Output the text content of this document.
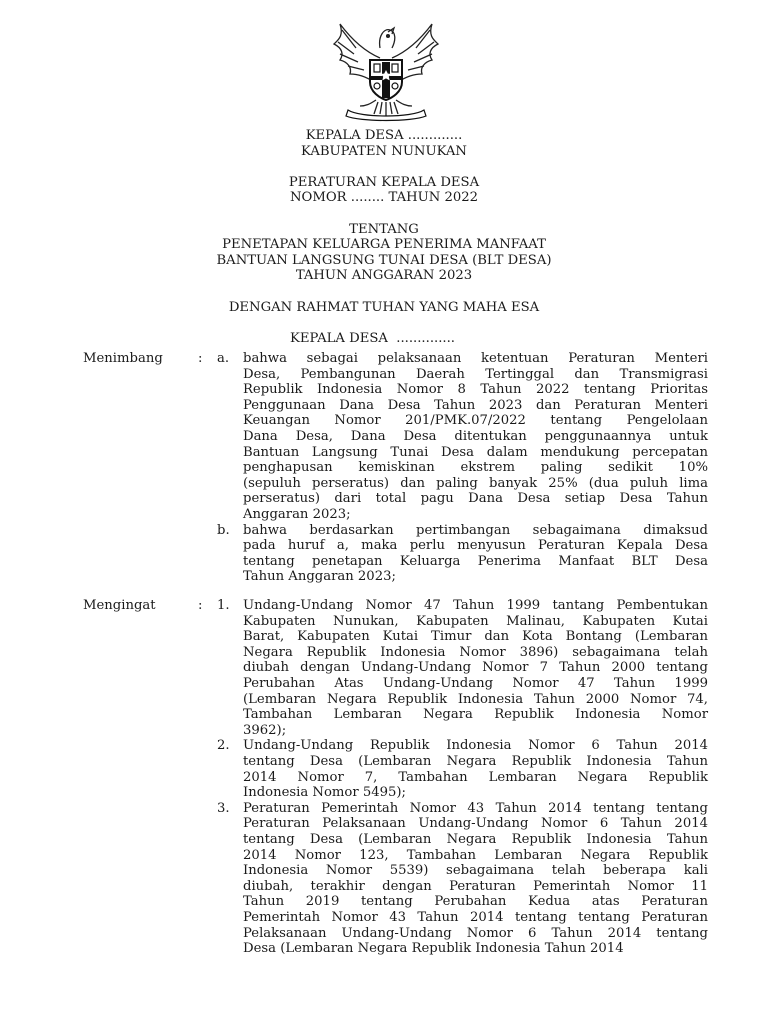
KEPALA DESA .............
KABUPATEN NUNUKAN
PERATURAN KEPALA DESA
NOMOR ........ TAHUN 2022
TENTANG
PENETAPAN KELUARGA PENERIMA MANFAAT
BANTUAN LANGSUNG TUNAI DESA (BLT DESA)
TAHUN ANGGARAN 2023
DENGAN RAHMAT TUHAN YANG MAHA ESA
KEPALA DESA  ..............
Menimbang	: a. bahwa sebagai pelaksanaan ketentuan Peraturan Menteri
Desa, Pembangunan Daerah Tertinggal dan Transmigrasi
Republik Indonesia Nomor 8 Tahun 2022 tentang Prioritas
Penggunaan Dana Desa Tahun 2023 dan Peraturan Menteri
Keuangan Nomor 201/PMK.07/2022 tentang Pengelolaan
Dana Desa, Dana Desa ditentukan penggunaannya untuk
Bantuan Langsung Tunai Desa dalam mendukung percepatan
penghapusan kemiskinan ekstrem paling sedikit 10%
(sepuluh perseratus) dan paling banyak 25% (dua puluh lima
perseratus) dari total pagu Dana Desa setiap Desa Tahun
Anggaran 2023;
b. bahwa berdasarkan pertimbangan sebagaimana dimaksud
pada huruf a, maka perlu menyusun Peraturan Kepala Desa
tentang penetapan Keluarga Penerima Manfaat BLT Desa
Tahun Anggaran 2023;
Mengingat	: 1. Undang-Undang Nomor 47 Tahun 1999 tantang Pembentukan
Kabupaten Nunukan, Kabupaten Malinau, Kabupaten Kutai
Barat, Kabupaten Kutai Timur dan Kota Bontang (Lembaran
Negara Republik Indonesia Nomor 3896) sebagaimana telah
diubah dengan Undang-Undang Nomor 7 Tahun 2000 tentang
Perubahan Atas Undang-Undang Nomor 47 Tahun 1999
(Lembaran Negara Republik Indonesia Tahun 2000 Nomor 74,
Tambahan Lembaran Negara Republik Indonesia Nomor
3962);
2. Undang-Undang Republik Indonesia Nomor 6 Tahun 2014
tentang Desa (Lembaran Negara Republik Indonesia Tahun
2014 Nomor 7, Tambahan Lembaran Negara Republik
Indonesia Nomor 5495);
3. Peraturan Pemerintah Nomor 43 Tahun 2014 tentang tentang
Peraturan Pelaksanaan Undang-Undang Nomor 6 Tahun 2014
tentang Desa (Lembaran Negara Republik Indonesia Tahun
2014 Nomor 123, Tambahan Lembaran Negara Republik
Indonesia Nomor 5539) sebagaimana telah beberapa kali
diubah, terakhir dengan Peraturan Pemerintah Nomor 11
Tahun 2019 tentang Perubahan Kedua atas Peraturan
Pemerintah Nomor 43 Tahun 2014 tentang tentang Peraturan
Pelaksanaan Undang-Undang Nomor 6 Tahun 2014 tentang
Desa (Lembaran Negara Republik Indonesia Tahun 2014
